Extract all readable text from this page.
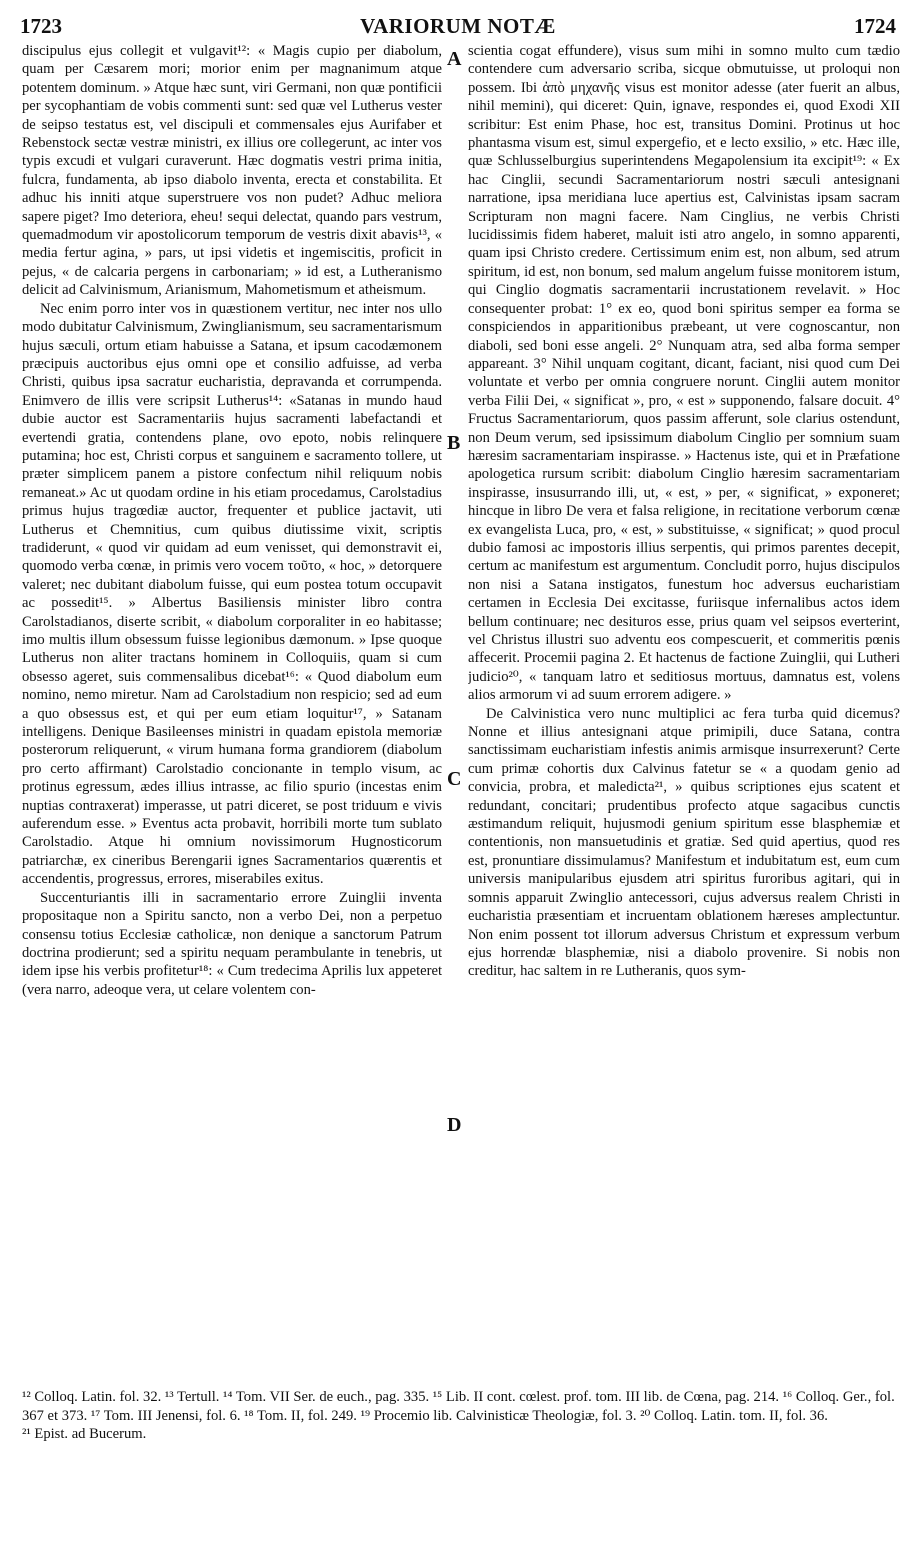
1723	VARIORUM NOTÆ	1724

discipulus ejus collegit et vulgavit¹²: « Magis cupio per diabolum, quam per Cæsarem mori; morior enim per magnanimum atque potentem dominum. » Atque hæc sunt, viri Germani, non quæ pontificii per sycophantiam de vobis commenti sunt: sed quæ vel Lutherus vester de seipso testatus est, vel discipuli et commensales ejus Aurifaber et Rebenstock sectæ vestræ ministri, ex illius ore collegerunt, ac inter vos typis excudi et vulgari curaverunt. Hæc dogmatis vestri prima initia, fulcra, fundamenta, ab ipso diabolo inventa, erecta et constabilita. Et adhuc his inniti atque superstruere vos non pudet? Adhuc meliora sapere piget? Imo deteriora, eheu! sequi delectat, quando pars vestrum, quemadmodum vir apostolicorum temporum de vestris dixit abavis¹³, « media fertur agina, » pars, ut ipsi videtis et ingemiscitis, proficit in pejus, « de calcaria pergens in carbonariam; » id est, a Lutheranismo delicit ad Calvinismum, Arianismum, Mahometismum et atheismum.

Nec enim porro inter vos in quæstionem vertitur, nec inter nos ullo modo dubitatur Calvinismum, Zwinglianismum, seu sacramentarismum hujus sæculi, ortum etiam habuisse a Satana, et ipsum cacodæmonem præcipuis auctoribus ejus omni ope et consilio adfuisse, ad verba Christi, quibus ipsa sacratur eucharistia, depravanda et corrumpenda. Enimvero de illis vere scripsit Lutherus¹⁴: «Satanas in mundo haud dubie auctor est Sacramentariis hujus sacramenti labefactandi et evertendi gratia, contendens plane, ovo epoto, nobis relinquere putamina; hoc est, Christi corpus et sanguinem e sacramento tollere, ut præter simplicem panem a pistore confectum nihil reliquum nobis remaneat.» Ac ut quodam ordine in his etiam procedamus, Carolstadius primus hujus tragœdiæ auctor, frequenter et publice jactavit, uti Lutherus et Chemnitius, cum quibus diutissime vixit, scriptis tradiderunt, « quod vir quidam ad eum venisset, qui demonstravit ei, quomodo verba cœnæ, in primis vero vocem τοῦτο, « hoc, » detorquere valeret; nec dubitant diabolum fuisse, qui eum postea totum occupavit ac possedit¹⁵. » Albertus Basiliensis minister libro contra Carolstadianos, diserte scribit, « diabolum corporaliter in eo habitasse; imo multis illum obsessum fuisse legionibus dæmonum. » Ipse quoque Lutherus non aliter tractans hominem in Colloquiis, quam si cum obsesso ageret, suis commensalibus dicebat¹⁶: « Quod diabolum eum nomino, nemo miretur. Nam ad Carolstadium non respicio; sed ad eum a quo obsessus est, et qui per eum etiam loquitur¹⁷, » Satanam intelligens. Denique Basileenses ministri in quadam epistola memoriæ posterorum reliquerunt, « virum humana forma grandiorem (diabolum pro certo affirmant) Carolstadio concionante in templo visum, ac protinus egressum, ædes illius intrasse, ac filio spurio (incestas enim nuptias contraxerat) imperasse, ut patri diceret, se post triduum e vivis auferendum esse. » Eventus acta probavit, horribili morte tum sublato Carolstadio. Atque hi omnium novissimorum Hugnosticorum patriarchæ, ex cineribus Berengarii ignes Sacramentarios quærentis et accendentis, progressus, errores, miserabiles exitus.

Succenturiantis illi in sacramentario errore Zuinglii inventa propositaque non a Spiritu sancto, non a verbo Dei, non a perpetuo consensu totius Ecclesiæ catholicæ, non denique a sanctorum Patrum doctrina prodierunt; sed a spiritu nequam perambulante in tenebris, ut idem ipse his verbis profitetur¹⁸: « Cum tredecima Aprilis lux appeteret (vera narro, adeoque vera, ut celare volentem con-

A
B
C
D

scientia cogat effundere), visus sum mihi in somno multo cum tædio contendere cum adversario scriba, sicque obmutuisse, ut proloqui non possem. Ibi ἀπὸ μηχανῆς visus est monitor adesse (ater fuerit an albus, nihil memini), qui diceret: Quin, ignave, respondes ei, quod Exodi XII scribitur: Est enim Phase, hoc est, transitus Domini. Protinus ut hoc phantasma visum est, simul expergefio, et e lecto exsilio, » etc. Hæc ille, quæ Schlusselburgius superintendens Megapolensium ita excipit¹⁹: « Ex hac Cinglii, secundi Sacramentariorum nostri sæculi antesignani narratione, ipsa meridiana luce apertius est, Calvinistas ipsam sacram Scripturam non magni facere. Nam Cinglius, ne verbis Christi lucidissimis fidem haberet, maluit isti atro angelo, in somno apparenti, quam ipsi Christo credere. Certissimum enim est, non album, sed atrum spiritum, id est, non bonum, sed malum angelum fuisse monitorem istum, qui Cinglio dogmatis sacramentarii incrustationem revelavit. » Hoc consequenter probat: 1° ex eo, quod boni spiritus semper ea forma se conspiciendos in apparitionibus præbeant, ut vere cognoscantur, non diaboli, sed boni esse angeli. 2° Nunquam atra, sed alba forma semper appareant. 3° Nihil unquam cogitant, dicant, faciant, nisi quod cum Dei voluntate et verbo per omnia congruere norunt. Cinglii autem monitor verba Filii Dei, « significat », pro, « est » supponendo, falsare docuit. 4° Fructus Sacramentariorum, quos passim afferunt, sole clarius ostendunt, non Deum verum, sed ipsissimum diabolum Cinglio per somnium suam hæresim sacramentariam inspirasse. » Hactenus iste, qui et in Præfatione apologetica rursum scribit: diabolum Cinglio hæresim sacramentariam inspirasse, insusurrando illi, ut, « est, » per, « significat, » exponeret; hincque in libro De vera et falsa religione, in recitatione verborum cœnæ ex evangelista Luca, pro, « est, » substituisse, « significat; » quod procul dubio famosi ac impostoris illius serpentis, qui primos parentes decepit, certum ac manifestum est argumentum. Concludit porro, hujus discipulos non nisi a Satana instigatos, funestum hoc adversus eucharistiam certamen in Ecclesia Dei excitasse, furiisque infernalibus actos idem bellum continuare; nec desituros esse, prius quam vel seipsos everterint, vel Christus illustri suo adventu eos compescuerit, et commeritis pœnis affecerit. Procemii pagina 2. Et hactenus de factione Zuinglii, qui Lutheri judicio²⁰, « tanquam latro et seditiosus mortuus, damnatus est, volens alios armorum vi ad suum errorem adigere. »

De Calvinistica vero nunc multiplici ac fera turba quid dicemus? Nonne et illius antesignani atque primipili, duce Satana, contra sanctissimam eucharistiam infestis animis armisque insurrexerunt? Certe cum primæ cohortis dux Calvinus fatetur se « a quodam genio ad convicia, probra, et maledicta²¹, » quibus scriptiones ejus scatent et redundant, concitari; prudentibus profecto atque sagacibus cunctis æstimandum reliquit, hujusmodi genium spiritum esse blasphemiæ et contentionis, non mansuetudinis et gratiæ. Sed quid apertius, quod res est, pronuntiare dissimulamus? Manifestum et indubitatum est, eum cum universis manipularibus ejusdem atri spiritus furoribus agitari, qui in somnis apparuit Zwinglio antecessori, cujus adversus realem Christi in eucharistia præsentiam et incruentam oblationem hæreses amplectuntur. Non enim possent tot illorum adversus Christum et expressum verbum ejus horrendæ blasphemiæ, nisi a diabolo provenire. Si nobis non creditur, hac saltem in re Lutheranis, quos sym-

¹² Colloq. Latin. fol. 32. ¹³ Tertull. ¹⁴ Tom. VII Ser. de euch., pag. 335. ¹⁵ Lib. II cont. cœlest. prof. tom. III lib. de Cœna, pag. 214. ¹⁶ Colloq. Ger., fol. 367 et 373. ¹⁷ Tom. III Jenensi, fol. 6. ¹⁸ Tom. II, fol. 249. ¹⁹ Procemio lib. Calvinisticæ Theologiæ, fol. 3. ²⁰ Colloq. Latin. tom. II, fol. 36.

²¹ Epist. ad Bucerum.
